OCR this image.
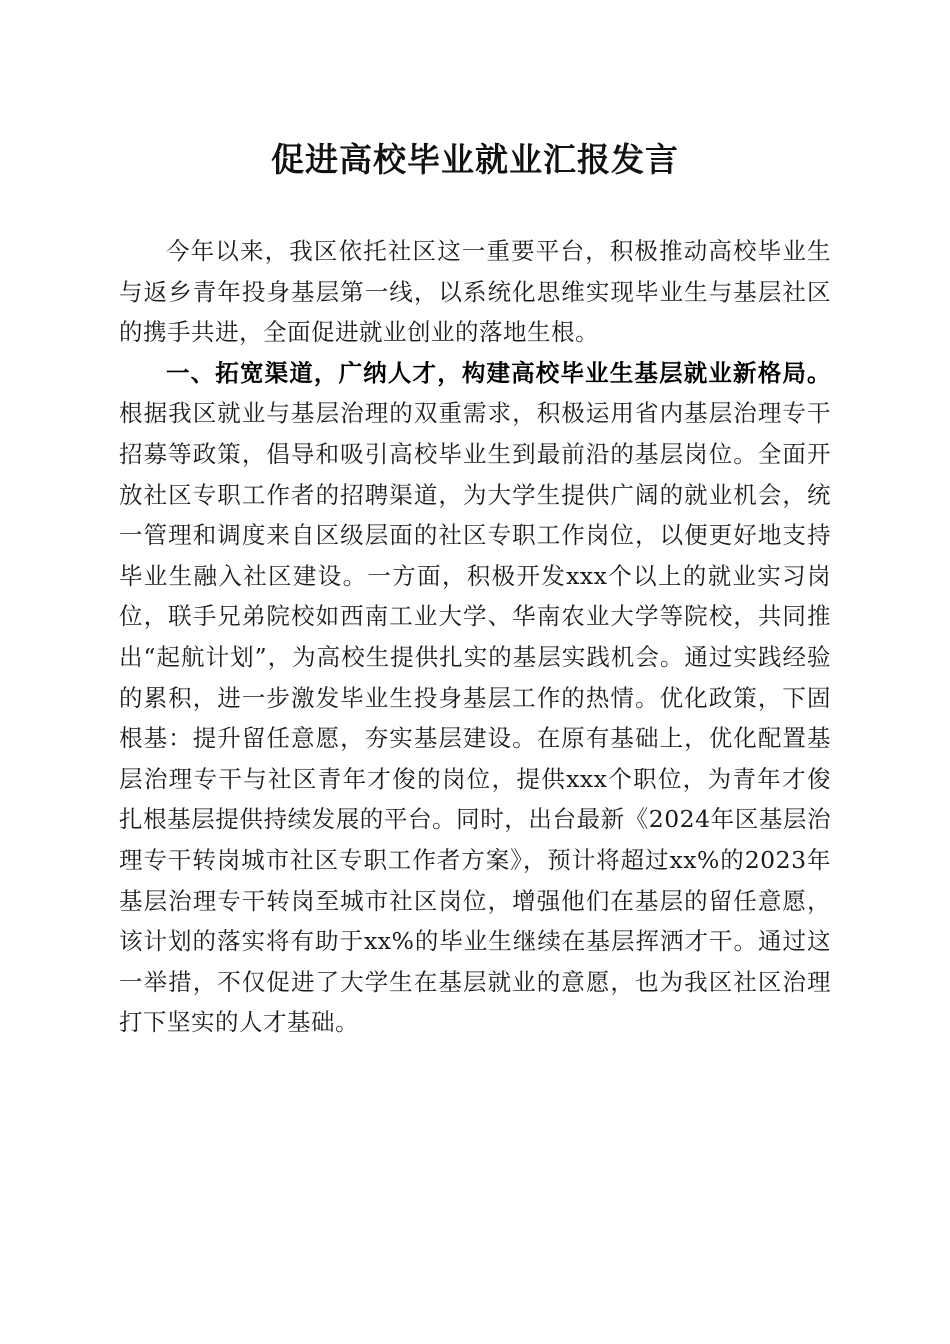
促进高校毕业就业汇报发言

今年以来，我区依托社区这一重要平台，积极推动高校毕业生与返乡青年投身基层第一线，以系统化思维实现毕业生与基层社区的携手共进，全面促进就业创业的落地生根。

一、拓宽渠道，广纳人才，构建高校毕业生基层就业新格局。根据我区就业与基层治理的双重需求，积极运用省内基层治理专干招募等政策，倡导和吸引高校毕业生到最前沿的基层岗位。全面开放社区专职工作者的招聘渠道，为大学生提供广阔的就业机会，统一管理和调度来自区级层面的社区专职工作岗位，以便更好地支持毕业生融入社区建设。一方面，积极开发xxx个以上的就业实习岗位，联手兄弟院校如西南工业大学、华南农业大学等院校，共同推出“起航计划”，为高校生提供扎实的基层实践机会。通过实践经验的累积，进一步激发毕业生投身基层工作的热情。优化政策，下固根基：提升留任意愿，夯实基层建设。在原有基础上，优化配置基层治理专干与社区青年才俊的岗位，提供xxx个职位，为青年才俊扎根基层提供持续发展的平台。同时，出台最新《2024年区基层治理专干转岗城市社区专职工作者方案》，预计将超过xx%的2023年基层治理专干转岗至城市社区岗位，增强他们在基层的留任意愿，该计划的落实将有助于xx%的毕业生继续在基层挥洒才干。通过这一举措，不仅促进了大学生在基层就业的意愿，也为我区社区治理打下坚实的人才基础。
